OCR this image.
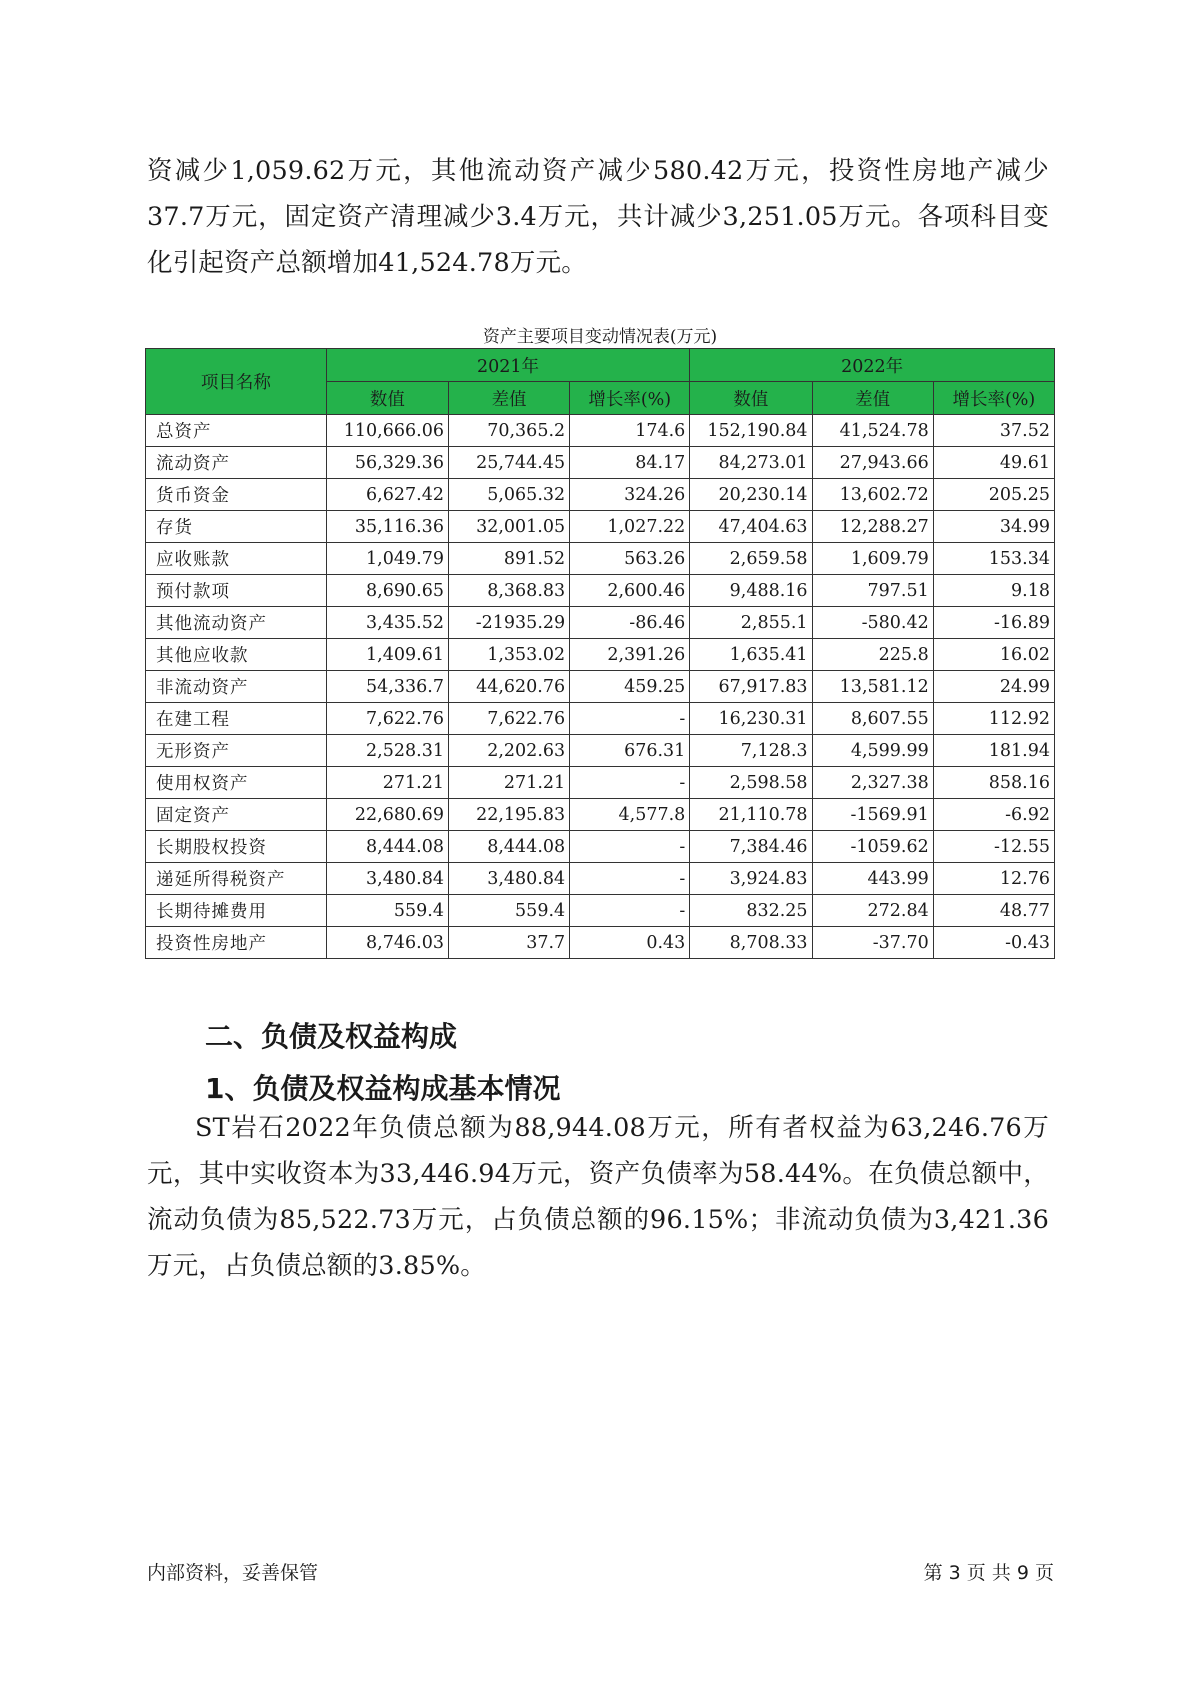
资减少1,059.62万元，其他流动资产减少580.42万元，投资性房地产减少37.7万元，固定资产清理减少3.4万元，共计减少3,251.05万元。各项科目变化引起资产总额增加41,524.78万元。

资产主要项目变动情况表(万元)
项目名称	2021年			2022年		
	数值	差值	增长率(%)	数值	差值	增长率(%)
总资产	110,666.06	70,365.2	174.6	152,190.84	41,524.78	37.52
流动资产	56,329.36	25,744.45	84.17	84,273.01	27,943.66	49.61
货币资金	6,627.42	5,065.32	324.26	20,230.14	13,602.72	205.25
存货	35,116.36	32,001.05	1,027.22	47,404.63	12,288.27	34.99
应收账款	1,049.79	891.52	563.26	2,659.58	1,609.79	153.34
预付款项	8,690.65	8,368.83	2,600.46	9,488.16	797.51	9.18
其他流动资产	3,435.52	-21935.29	-86.46	2,855.1	-580.42	-16.89
其他应收款	1,409.61	1,353.02	2,391.26	1,635.41	225.8	16.02
非流动资产	54,336.7	44,620.76	459.25	67,917.83	13,581.12	24.99
在建工程	7,622.76	7,622.76	-	16,230.31	8,607.55	112.92
无形资产	2,528.31	2,202.63	676.31	7,128.3	4,599.99	181.94
使用权资产	271.21	271.21	-	2,598.58	2,327.38	858.16
固定资产	22,680.69	22,195.83	4,577.8	21,110.78	-1569.91	-6.92
长期股权投资	8,444.08	8,444.08	-	7,384.46	-1059.62	-12.55
递延所得税资产	3,480.84	3,480.84	-	3,924.83	443.99	12.76
长期待摊费用	559.4	559.4	-	832.25	272.84	48.77
投资性房地产	8,746.03	37.7	0.43	8,708.33	-37.70	-0.43
二、负债及权益构成
1、负债及权益构成基本情况

ST岩石2022年负债总额为88,944.08万元，所有者权益为63,246.76万元，其中实收资本为33,446.94万元，资产负债率为58.44%。在负债总额中，流动负债为85,522.73万元，占负债总额的96.15%；非流动负债为3,421.36万元，占负债总额的3.85%。

内部资料，妥善保管	第 3 页 共 9 页
